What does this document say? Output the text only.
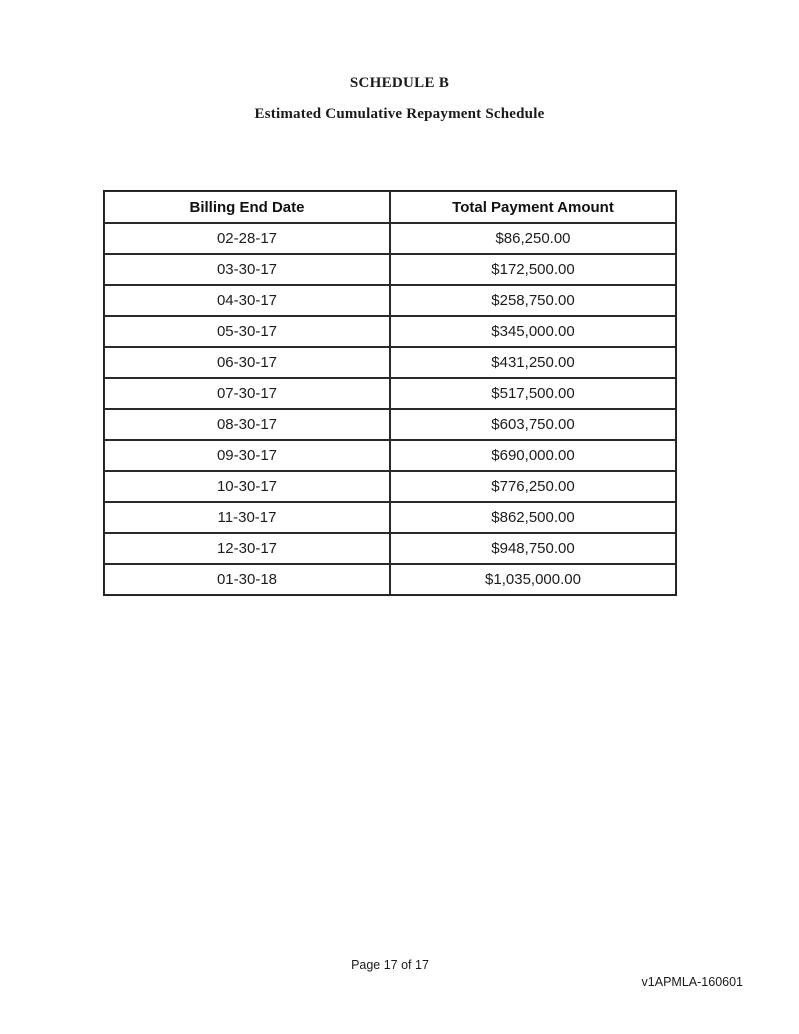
SCHEDULE B
Estimated Cumulative Repayment Schedule
Billing End Date	Total Payment Amount
02-28-17	$86,250.00
03-30-17	$172,500.00
04-30-17	$258,750.00
05-30-17	$345,000.00
06-30-17	$431,250.00
07-30-17	$517,500.00
08-30-17	$603,750.00
09-30-17	$690,000.00
10-30-17	$776,250.00
11-30-17	$862,500.00
12-30-17	$948,750.00
01-30-18	$1,035,000.00
Page 17 of 17
v1APMLA-160601
